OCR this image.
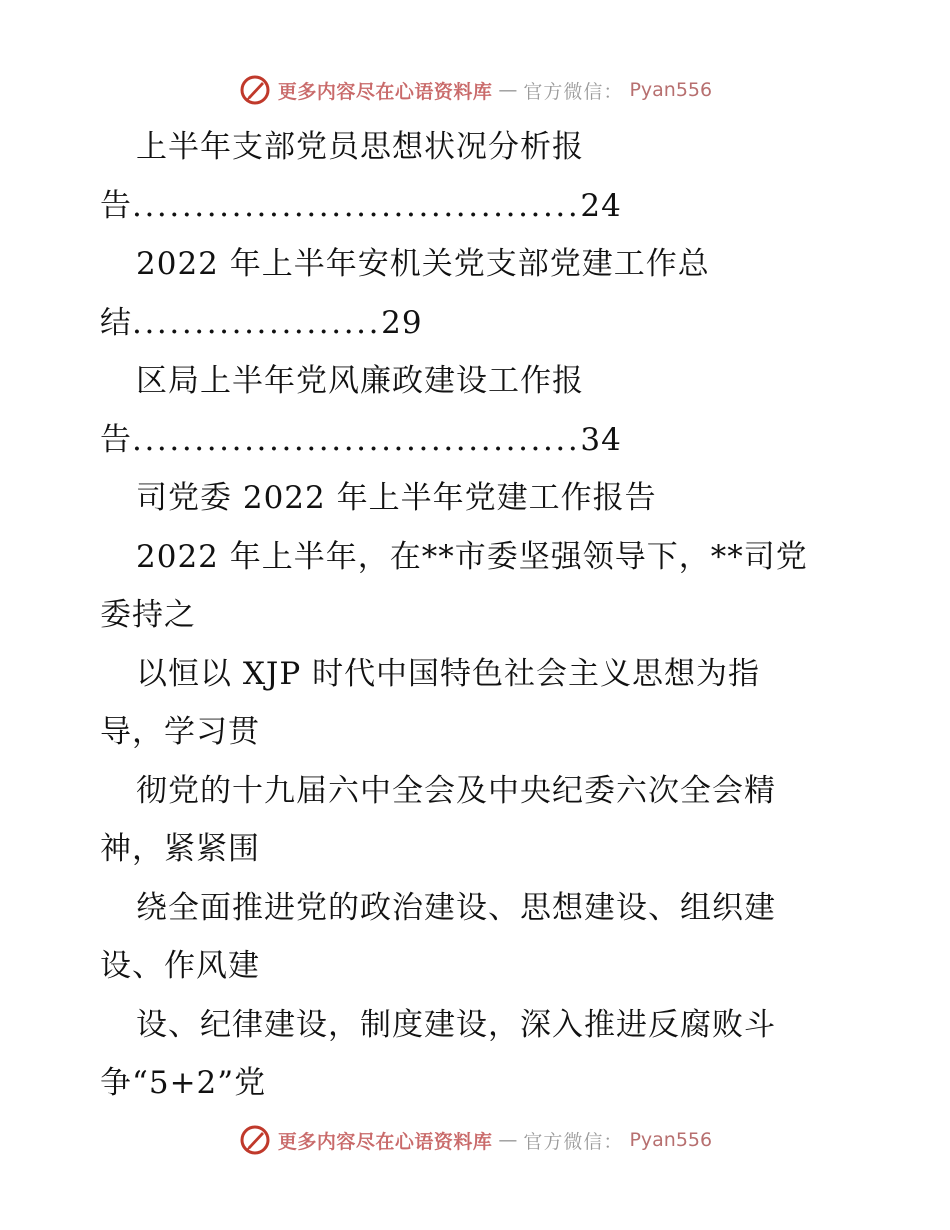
更多内容尽在心语资料库 — 官方微信： Pyan556
上半年支部党员思想状况分析报
告 .................................... 24
2022 年上半年安机关党支部党建工作总
结 .................... 29
区局上半年党风廉政建设工作报
告 .................................... 34
司党委 2022 年上半年党建工作报告
2022 年上半年，在**市委坚强领导下，**司党
委持之
以恒以 XJP 时代中国特色社会主义思想为指
导，学习贯
彻党的十九届六中全会及中央纪委六次全会精
神，紧紧围
绕全面推进党的政治建设、思想建设、组织建
设、作风建
设、纪律建设，制度建设，深入推进反腐败斗
争“5+2”党
更多内容尽在心语资料库 — 官方微信： Pyan556
